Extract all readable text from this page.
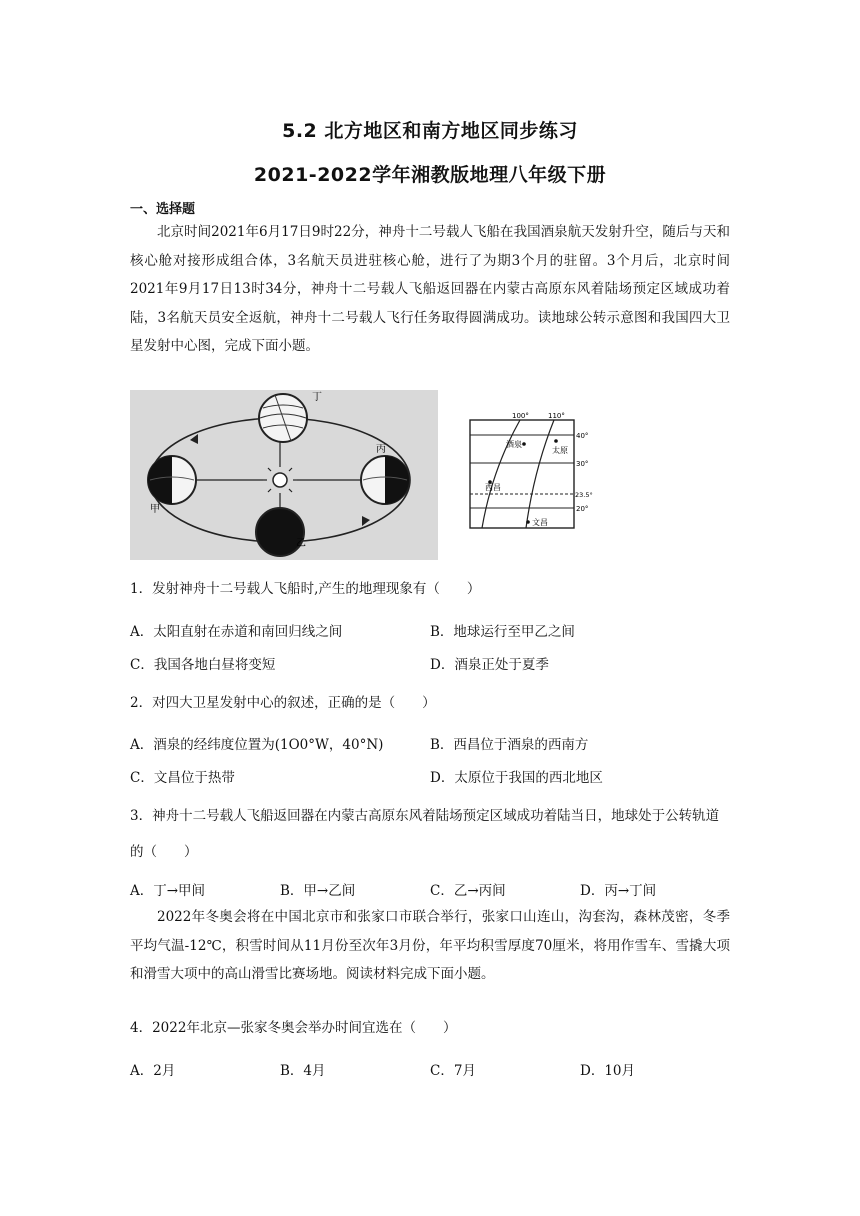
5.2 北方地区和南方地区同步练习
2021-2022学年湘教版地理八年级下册
一、选择题
北京时间2021年6月17日9时22分，神舟十二号载人飞船在我国酒泉航天发射升空，随后与天和核心舱对接形成组合体，3名航天员进驻核心舱，进行了为期3个月的驻留。3个月后，北京时间2021年9月17日13时34分，神舟十二号载人飞船返回器在内蒙古高原东风着陆场预定区域成功着陆，3名航天员安全返航，神舟十二号载人飞行任务取得圆满成功。读地球公转示意图和我国四大卫星发射中心图，完成下面小题。
丁
丙
甲
乙
100°	110°
40°
30°
23.5°
20°
酒泉
太原
西昌
文昌
1．发射神舟十二号载人飞船时,产生的地理现象有（　　）
A．太阳直射在赤道和南回归线之间	B．地球运行至甲乙之间
C．我国各地白昼将变短	D．酒泉正处于夏季
2．对四大卫星发射中心的叙述，正确的是（　　）
A．酒泉的经纬度位置为(1O0°W，40°N)	B．西昌位于酒泉的西南方
C．文昌位于热带	D．太原位于我国的西北地区
3．神舟十二号载人飞船返回器在内蒙古高原东风着陆场预定区域成功着陆当日，地球处于公转轨道的（　　）
A．丁→甲间	B．甲→乙间	C．乙→丙间	D．丙→丁间
2022年冬奥会将在中国北京市和张家口市联合举行，张家口山连山，沟套沟，森林茂密，冬季平均气温-12℃，积雪时间从11月份至次年3月份，年平均积雪厚度70厘米，将用作雪车、雪撬大项和滑雪大项中的高山滑雪比赛场地。阅读材料完成下面小题。
4．2022年北京—张家冬奥会举办时间宜选在（　　）
A．2月	B．4月	C．7月	D．10月
